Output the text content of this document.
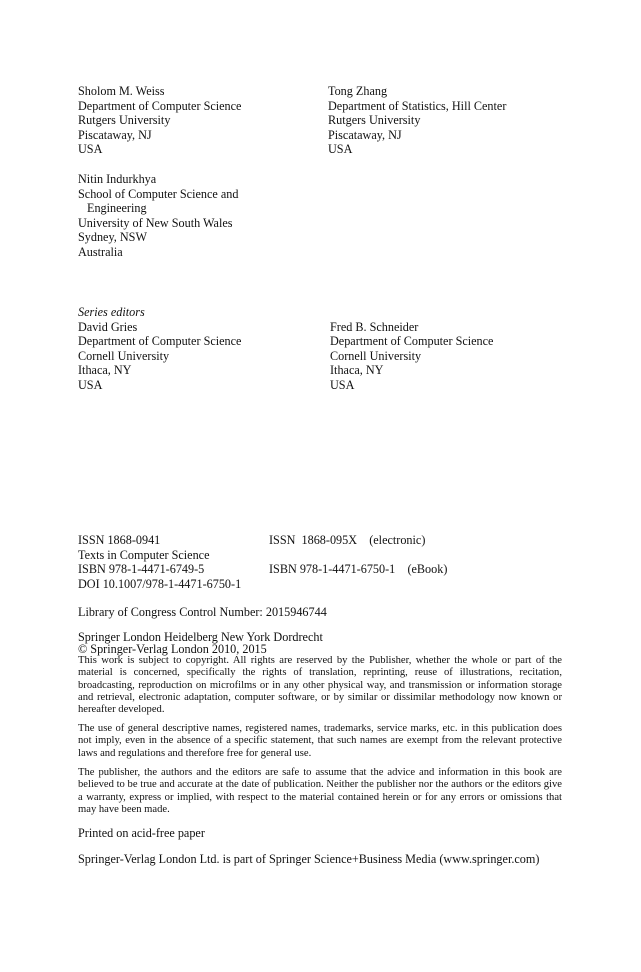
Sholom M. Weiss
Department of Computer Science
Rutgers University
Piscataway, NJ
USA
Tong Zhang
Department of Statistics, Hill Center
Rutgers University
Piscataway, NJ
USA
Nitin Indurkhya
School of Computer Science and
Engineering
University of New South Wales
Sydney, NSW
Australia
Series editors
David Gries
Department of Computer Science
Cornell University
Ithaca, NY
USA
Fred B. Schneider
Department of Computer Science
Cornell University
Ithaca, NY
USA
ISSN 1868-0941	ISSN  1868-095X    (electronic)
Texts in Computer Science
ISBN 978-1-4471-6749-5	ISBN 978-1-4471-6750-1    (eBook)
DOI 10.1007/978-1-4471-6750-1
Library of Congress Control Number: 2015946744
Springer London Heidelberg New York Dordrecht
© Springer-Verlag London 2010, 2015
This work is subject to copyright. All rights are reserved by the Publisher, whether the whole or part of the material is concerned, specifically the rights of translation, reprinting, reuse of illustrations, recitation, broadcasting, reproduction on microfilms or in any other physical way, and transmission or information storage and retrieval, electronic adaptation, computer software, or by similar or dissimilar methodology now known or hereafter developed.
The use of general descriptive names, registered names, trademarks, service marks, etc. in this publication does not imply, even in the absence of a specific statement, that such names are exempt from the relevant protective laws and regulations and therefore free for general use.
The publisher, the authors and the editors are safe to assume that the advice and information in this book are believed to be true and accurate at the date of publication. Neither the publisher nor the authors or the editors give a warranty, express or implied, with respect to the material contained herein or for any errors or omissions that may have been made.
Printed on acid-free paper
Springer-Verlag London Ltd. is part of Springer Science+Business Media (www.springer.com)
